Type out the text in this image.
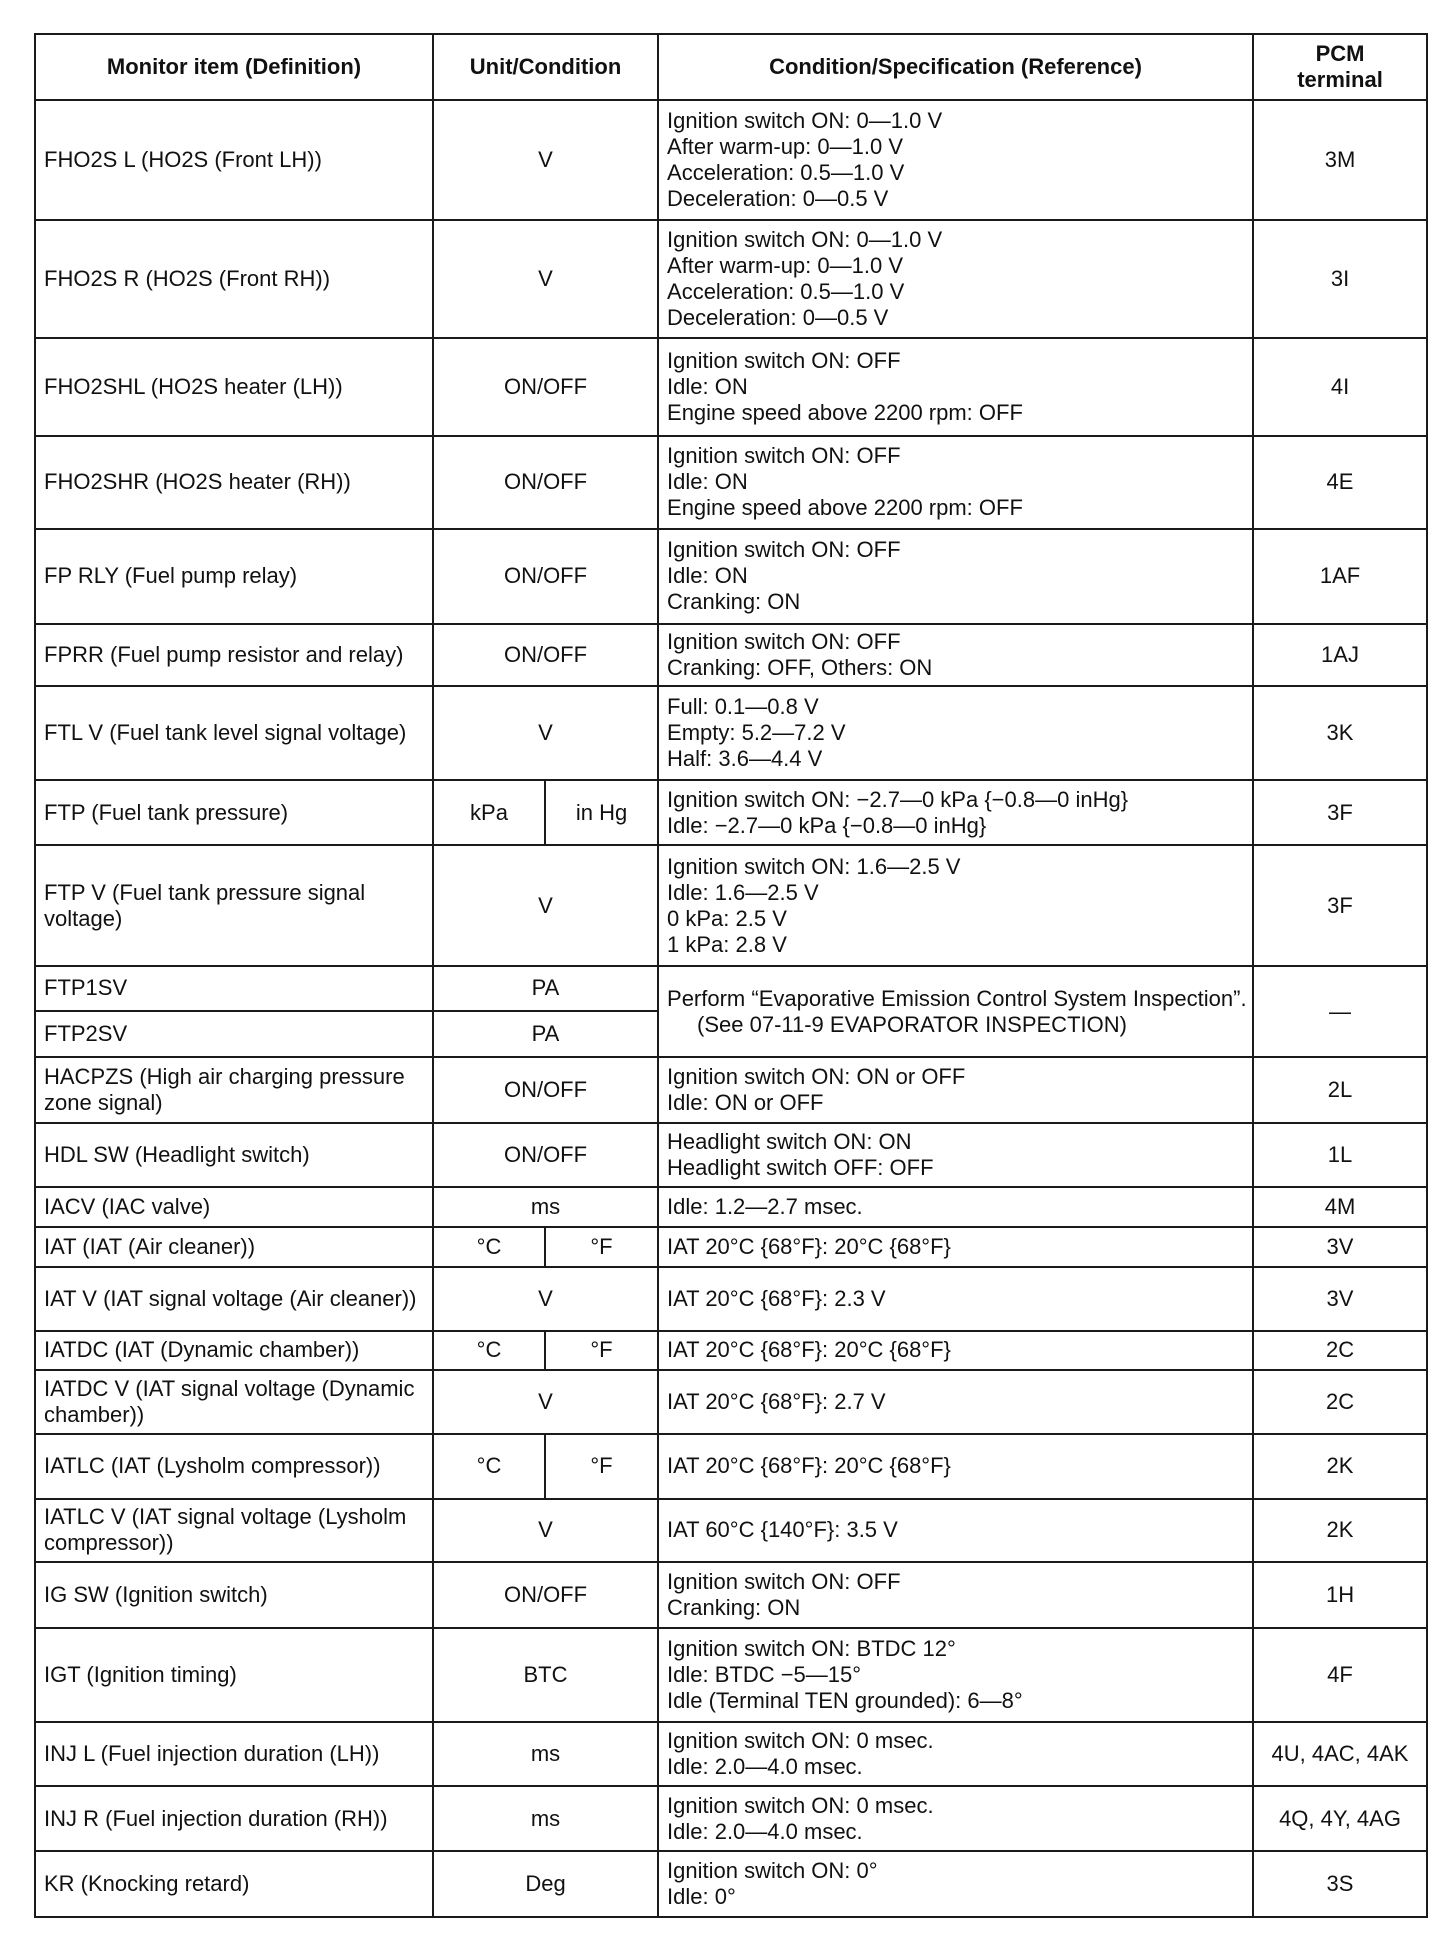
Monitor item (Definition)	Unit/Condition		Condition/Specification (Reference)	PCM
terminal

FHO2S L (HO2S (Front LH))	V		Ignition switch ON: 0—1.0 V
After warm-up: 0—1.0 V
Acceleration: 0.5—1.0 V
Deceleration: 0—0.5 V	3M
FHO2S R (HO2S (Front RH))	V		Ignition switch ON: 0—1.0 V
After warm-up: 0—1.0 V
Acceleration: 0.5—1.0 V
Deceleration: 0—0.5 V	3I
FHO2SHL (HO2S heater (LH))	ON/OFF		Ignition switch ON: OFF
Idle: ON
Engine speed above 2200 rpm: OFF	4I
FHO2SHR (HO2S heater (RH))	ON/OFF		Ignition switch ON: OFF
Idle: ON
Engine speed above 2200 rpm: OFF	4E
FP RLY (Fuel pump relay)	ON/OFF		Ignition switch ON: OFF
Idle: ON
Cranking: ON	1AF
FPRR (Fuel pump resistor and relay)	ON/OFF		Ignition switch ON: OFF
Cranking: OFF, Others: ON	1AJ
FTL V (Fuel tank level signal voltage)	V		Full: 0.1—0.8 V
Empty: 5.2—7.2 V
Half: 3.6—4.4 V	3K
FTP (Fuel tank pressure)	kPa	in Hg	Ignition switch ON: −2.7—0 kPa {−0.8—0 inHg}
Idle: −2.7—0 kPa {−0.8—0 inHg}	3F
FTP V (Fuel tank pressure signal voltage)	V		Ignition switch ON: 1.6—2.5 V
Idle: 1.6—2.5 V
0 kPa: 2.5 V
1 kPa: 2.8 V	3F
FTP1SV	PA		Perform “Evaporative Emission Control System Inspection”.
(See 07-11-9 EVAPORATOR INSPECTION)	—
FTP2SV	PA			
HACPZS (High air charging pressure zone signal)	ON/OFF		Ignition switch ON: ON or OFF
Idle: ON or OFF	2L
HDL SW (Headlight switch)	ON/OFF		Headlight switch ON: ON
Headlight switch OFF: OFF	1L
IACV (IAC valve)	ms		Idle: 1.2—2.7 msec.	4M
IAT (IAT (Air cleaner))	°C	°F	IAT 20°C {68°F}: 20°C {68°F}	3V
IAT V (IAT signal voltage (Air cleaner))	V		IAT 20°C {68°F}: 2.3 V	3V
IATDC (IAT (Dynamic chamber))	°C	°F	IAT 20°C {68°F}: 20°C {68°F}	2C
IATDC V (IAT signal voltage (Dynamic chamber))	V		IAT 20°C {68°F}: 2.7 V	2C
IATLC (IAT (Lysholm compressor))	°C	°F	IAT 20°C {68°F}: 20°C {68°F}	2K
IATLC V (IAT signal voltage (Lysholm compressor))	V		IAT 60°C {140°F}: 3.5 V	2K
IG SW (Ignition switch)	ON/OFF		Ignition switch ON: OFF
Cranking: ON	1H
IGT (Ignition timing)	BTC		Ignition switch ON: BTDC 12°
Idle: BTDC −5—15°
Idle (Terminal TEN grounded): 6—8°	4F
INJ L (Fuel injection duration (LH))	ms		Ignition switch ON: 0 msec.
Idle: 2.0—4.0 msec.	4U, 4AC, 4AK
INJ R (Fuel injection duration (RH))	ms		Ignition switch ON: 0 msec.
Idle: 2.0—4.0 msec.	4Q, 4Y, 4AG
KR (Knocking retard)	Deg		Ignition switch ON: 0°
Idle: 0°	3S
